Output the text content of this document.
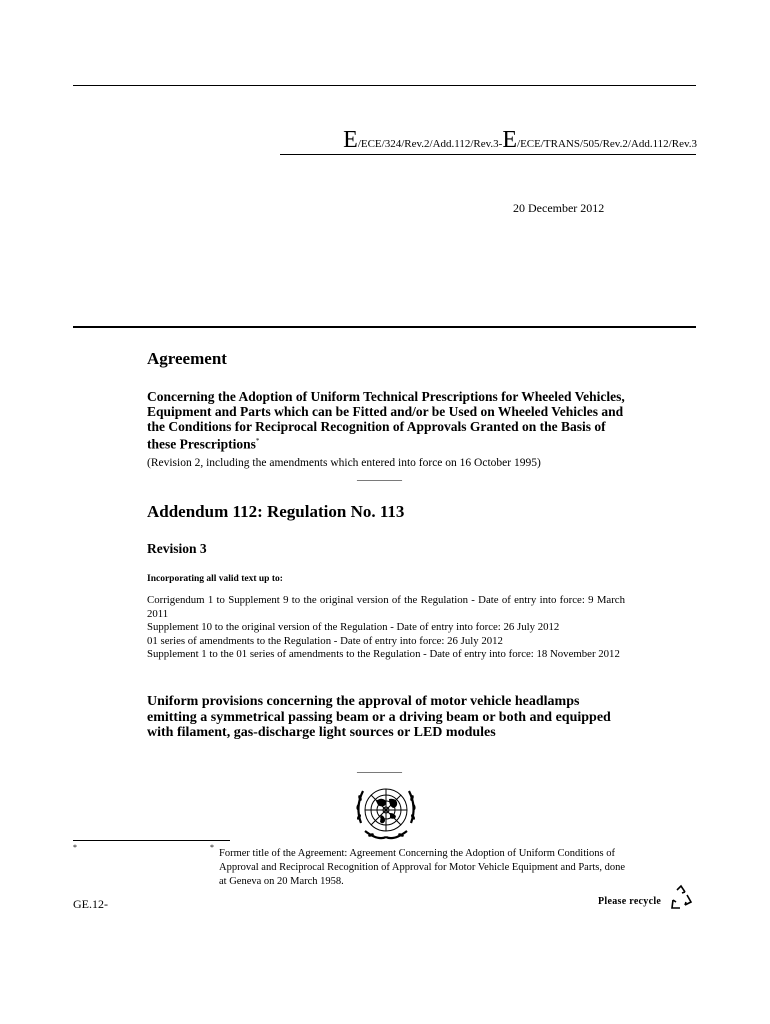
E/ECE/324/Rev.2/Add.112/Rev.3-E/ECE/TRANS/505/Rev.2/Add.112/Rev.3
20 December 2012
Agreement
Concerning the Adoption of Uniform Technical Prescriptions for Wheeled Vehicles, Equipment and Parts which can be Fitted and/or be Used on Wheeled Vehicles and the Conditions for Reciprocal Recognition of Approvals Granted on the Basis of these Prescriptions*
(Revision 2, including the amendments which entered into force on 16 October 1995)
_________
Addendum 112: Regulation No. 113
Revision 3
Incorporating all valid text up to:
Corrigendum 1 to Supplement 9 to the original version of the Regulation - Date of entry into force: 9 March 2011
Supplement 10 to the original version of the Regulation - Date of entry into force: 26 July 2012
01 series of amendments to the Regulation - Date of entry into force: 26 July 2012
Supplement 1 to the 01 series of amendments to the Regulation - Date of entry into force: 18 November 2012
Uniform provisions concerning the approval of motor vehicle headlamps emitting a symmetrical passing beam or a driving beam or both and equipped with filament, gas-discharge light sources or LED modules
_________
*	*
Former title of the Agreement: Agreement Concerning the Adoption of Uniform Conditions of Approval and Reciprocal Recognition of Approval for Motor Vehicle Equipment and Parts, done at Geneva on 20 March 1958.
GE.12-	Please recycle
